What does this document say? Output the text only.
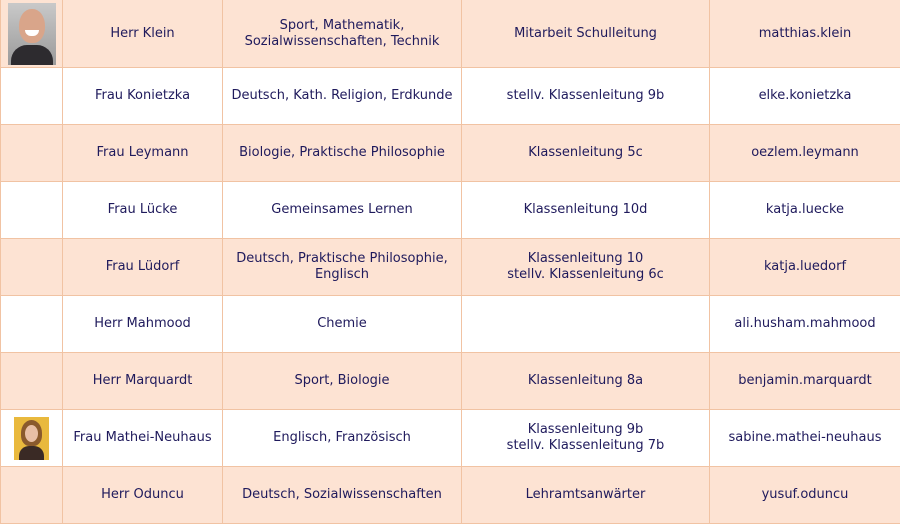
	Herr Klein	Sport, Mathematik,
Sozialwissenschaften, Technik	Mitarbeit Schulleitung	matthias.klein
	Frau Konietzka	Deutsch, Kath. Religion, Erdkunde	stellv. Klassenleitung 9b	elke.konietzka
	Frau Leymann	Biologie, Praktische Philosophie	Klassenleitung 5c	oezlem.leymann
	Frau Lücke	Gemeinsames Lernen	Klassenleitung 10d	katja.luecke
	Frau Lüdorf	Deutsch, Praktische Philosophie,
Englisch	Klassenleitung 10
stellv. Klassenleitung 6c	katja.luedorf
	Herr Mahmood	Chemie		ali.husham.mahmood
	Herr Marquardt	Sport, Biologie	Klassenleitung 8a	benjamin.marquardt

	Frau Mathei-Neuhaus	Englisch, Französisch	Klassenleitung 9b
stellv. Klassenleitung 7b	sabine.mathei-neuhaus
	Herr Oduncu	Deutsch, Sozialwissenschaften	Lehramtsanwärter	yusuf.oduncu
